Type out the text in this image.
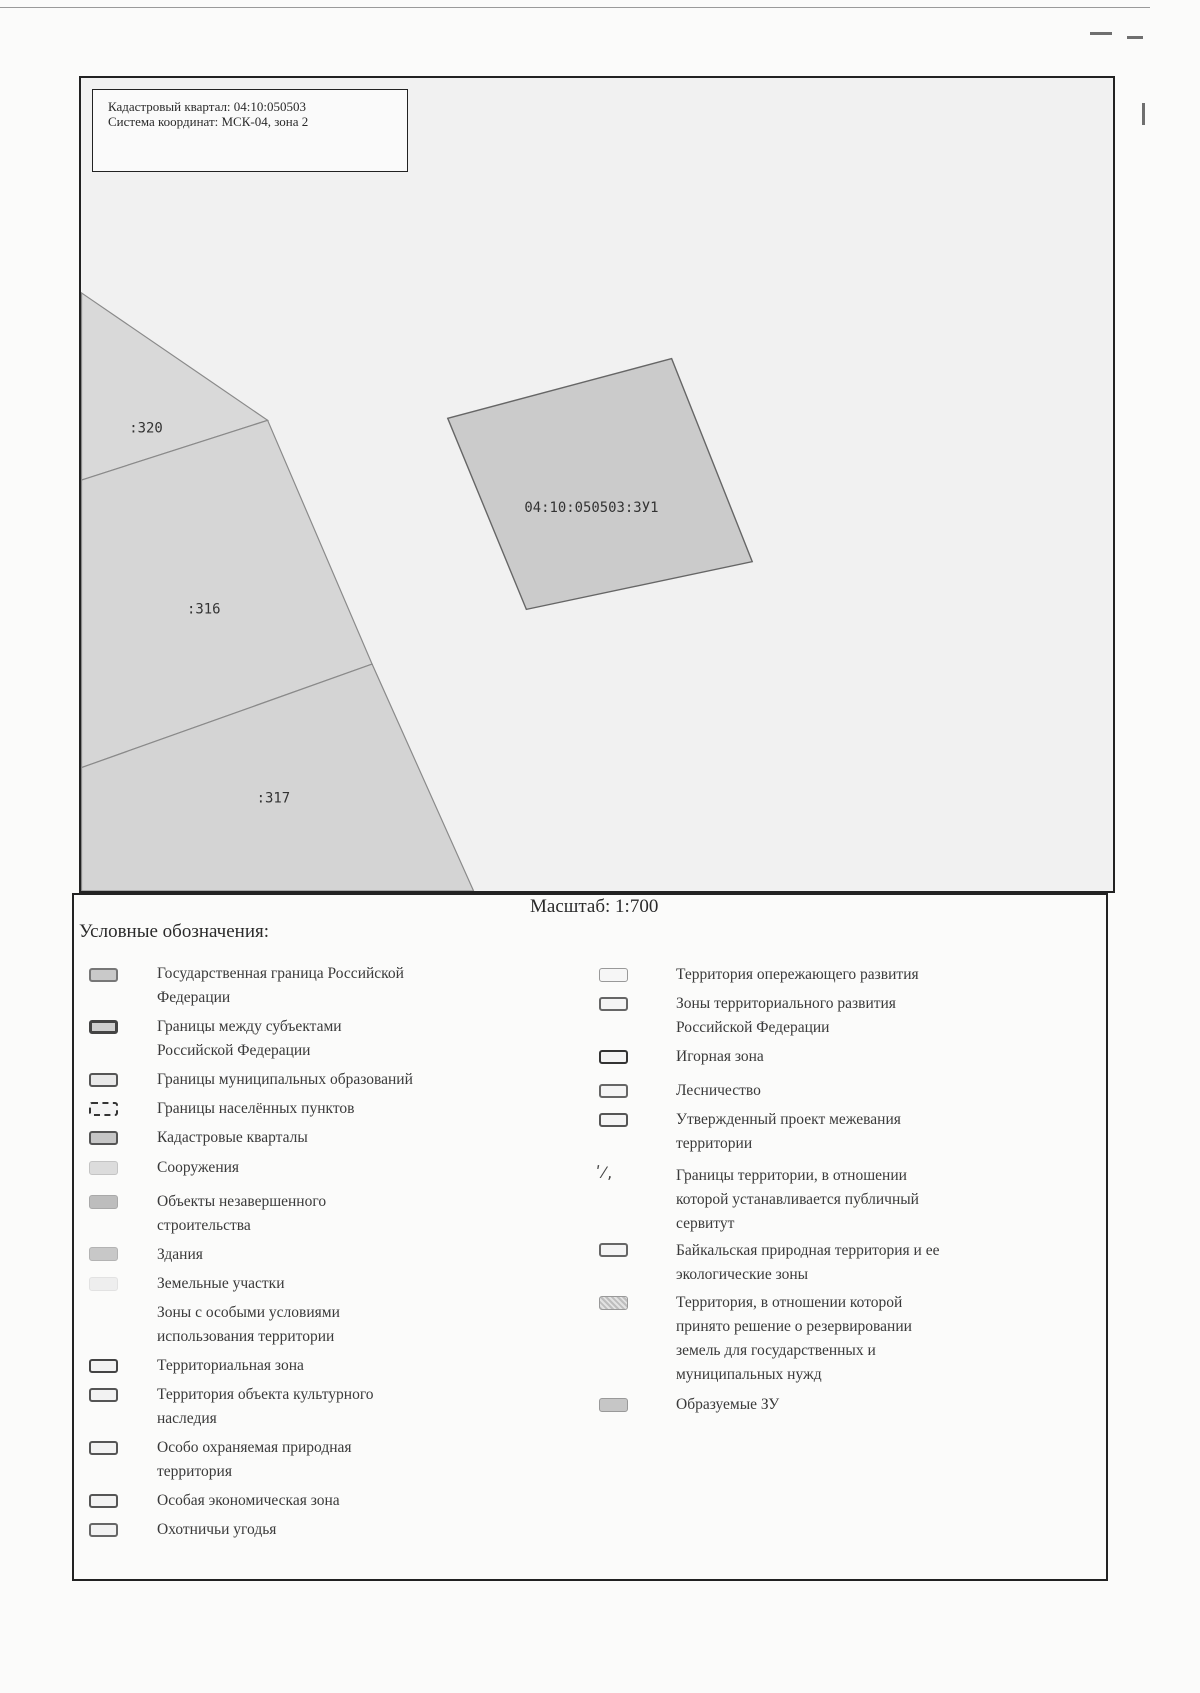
:320
:316
:317
04:10:050503:ЗУ1
Кадастровый квартал: 04:10:050503
Система координат: МСК-04, зона 2
Масштаб: 1:700
Условные обозначения:
Государственная граница Российской Федерации
Границы между субъектами Российской Федерации
Границы муниципальных образований
Границы населённых пунктов
Кадастровые кварталы
Сооружения
Объекты незавершенного строительства
Здания
Земельные участки
Зоны с особыми условиями использования территории
Территориальная зона
Территория объекта культурного наследия
Особо охраняемая природная территория
Особая экономическая зона
Охотничьи угодья
Территория опережающего развития
Зоны территориального развития Российской Федерации
Игорная зона
Лесничество
Утвержденный проект межевания территории
ʹ⁄,	Границы территории, в отношении которой устанавливается публичный сервитут
Байкальская природная территория и ее экологические зоны
Территория, в отношении которой принято решение о резервировании земель для государственных и муниципальных нужд
Образуемые ЗУ
